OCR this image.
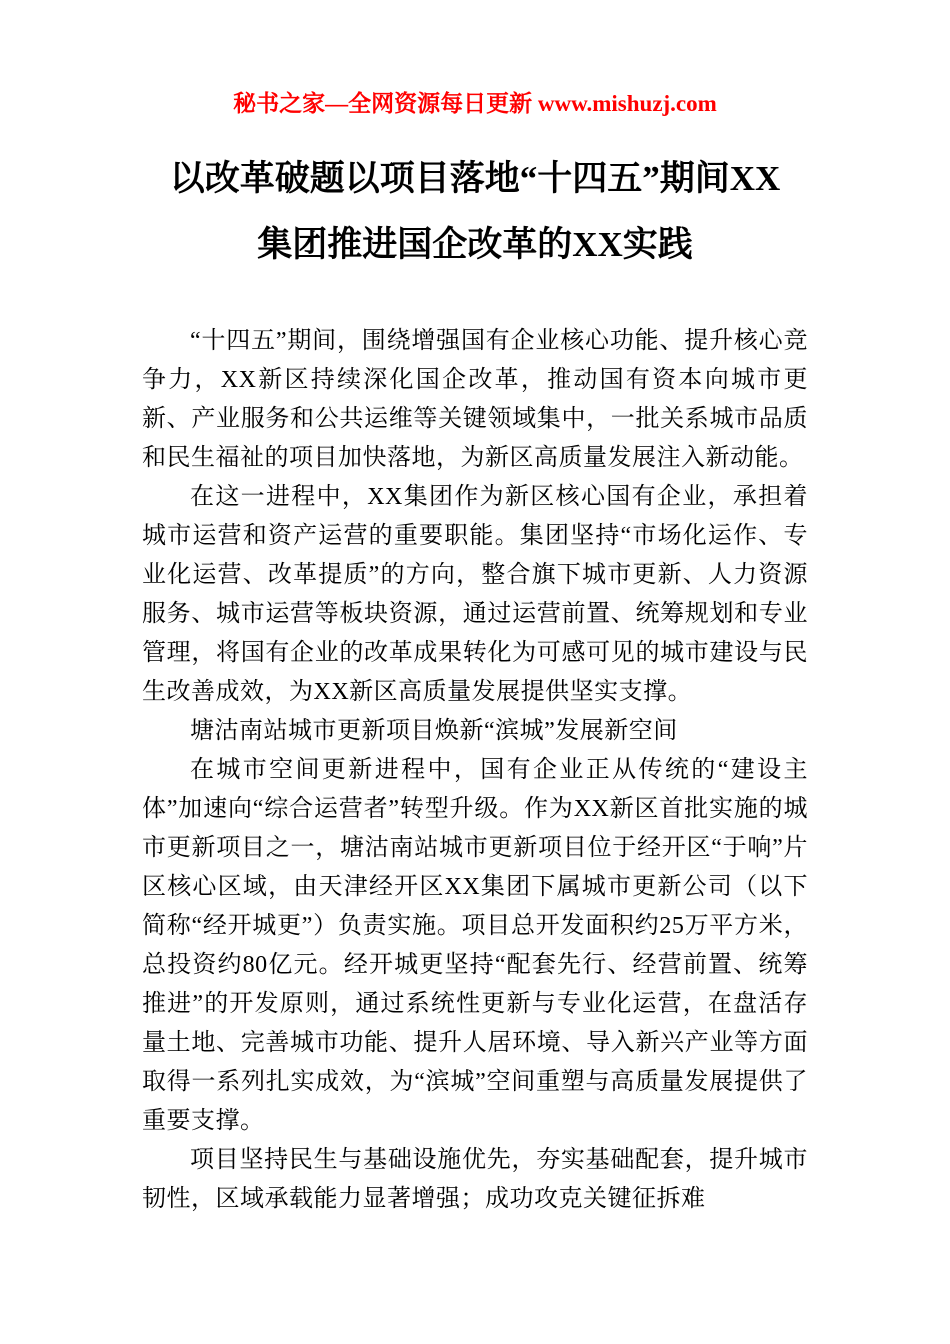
秘书之家—全网资源每日更新 www.mishuzj.com
以改革破题以项目落地“十四五”期间XX
集团推进国企改革的XX实践

“十四五”期间，围绕增强国有企业核心功能、提升核心竞争力，XX新区持续深化国企改革，推动国有资本向城市更新、产业服务和公共运维等关键领域集中，一批关系城市品质和民生福祉的项目加快落地，为新区高质量发展注入新动能。

在这一进程中，XX集团作为新区核心国有企业，承担着城市运营和资产运营的重要职能。集团坚持“市场化运作、专业化运营、改革提质”的方向，整合旗下城市更新、人力资源服务、城市运营等板块资源，通过运营前置、统筹规划和专业管理，将国有企业的改革成果转化为可感可见的城市建设与民生改善成效，为XX新区高质量发展提供坚实支撑。

塘沽南站城市更新项目焕新“滨城”发展新空间

在城市空间更新进程中，国有企业正从传统的“建设主体”加速向“综合运营者”转型升级。作为XX新区首批实施的城市更新项目之一，塘沽南站城市更新项目位于经开区“于响”片区核心区域，由天津经开区XX集团下属城市更新公司（以下简称“经开城更”）负责实施。项目总开发面积约25万平方米，总投资约80亿元。经开城更坚持“配套先行、经营前置、统筹推进”的开发原则，通过系统性更新与专业化运营，在盘活存量土地、完善城市功能、提升人居环境、导入新兴产业等方面取得一系列扎实成效，为“滨城”空间重塑与高质量发展提供了重要支撑。

项目坚持民生与基础设施优先，夯实基础配套，提升城市韧性，区域承载能力显著增强；成功攻克关键征拆难
